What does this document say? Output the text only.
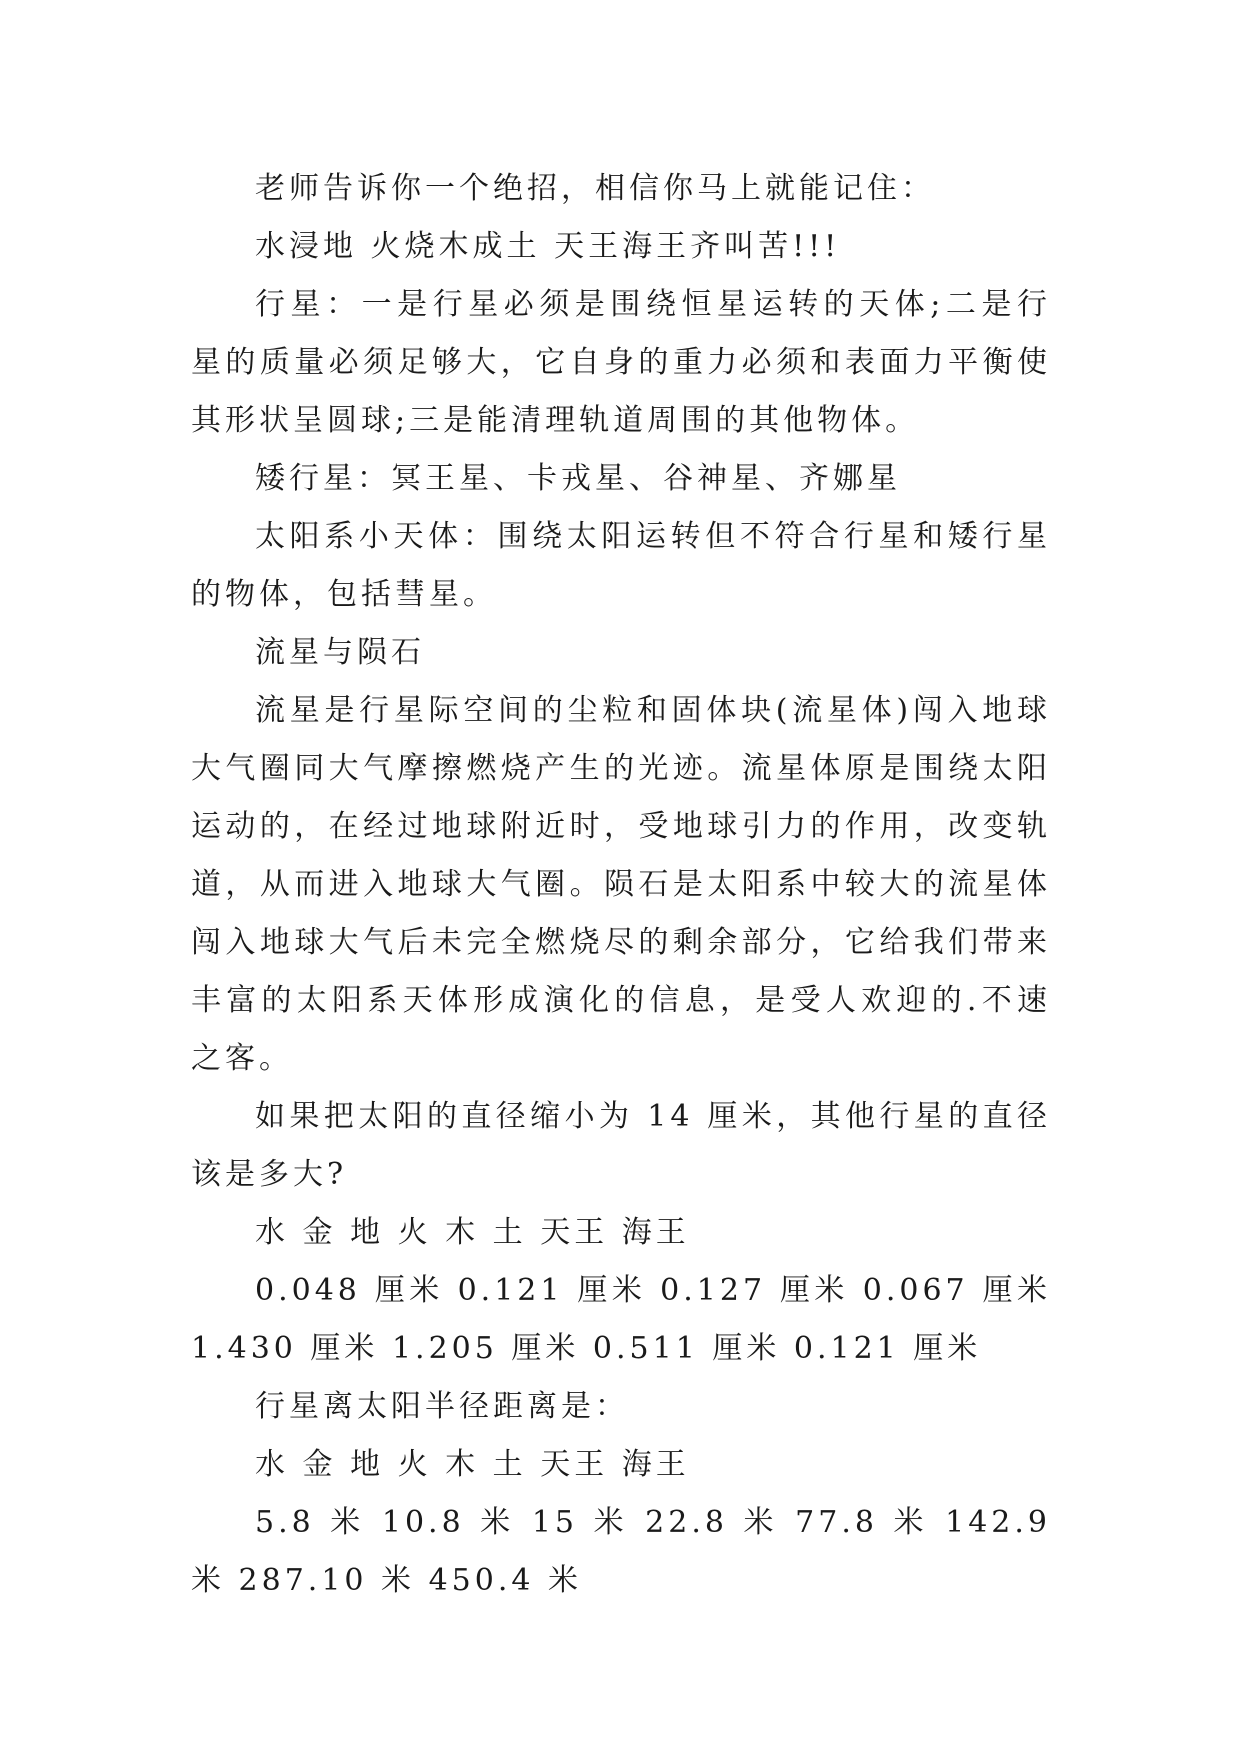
老师告诉你一个绝招，相信你马上就能记住：

水浸地 火烧木成土 天王海王齐叫苦!!!

行星：一是行星必须是围绕恒星运转的天体;二是行星的质量必须足够大，它自身的重力必须和表面力平衡使其形状呈圆球;三是能清理轨道周围的其他物体。

矮行星：冥王星、卡戎星、谷神星、齐娜星

太阳系小天体：围绕太阳运转但不符合行星和矮行星的物体，包括彗星。

流星与陨石

流星是行星际空间的尘粒和固体块(流星体)闯入地球大气圈同大气摩擦燃烧产生的光迹。流星体原是围绕太阳运动的，在经过地球附近时，受地球引力的作用，改变轨道，从而进入地球大气圈。陨石是太阳系中较大的流星体闯入地球大气后未完全燃烧尽的剩余部分，它给我们带来丰富的太阳系天体形成演化的信息，是受人欢迎的.不速之客。

如果把太阳的直径缩小为 14 厘米，其他行星的直径该是多大?

水 金 地 火 木 土 天王 海王

0.048 厘米 0.121 厘米 0.127 厘米 0.067 厘米 1.430 厘米 1.205 厘米 0.511 厘米 0.121 厘米

行星离太阳半径距离是：

水 金 地 火 木 土 天王 海王

5.8 米 10.8 米 15 米 22.8 米 77.8 米 142.9 米 287.10 米 450.4 米
